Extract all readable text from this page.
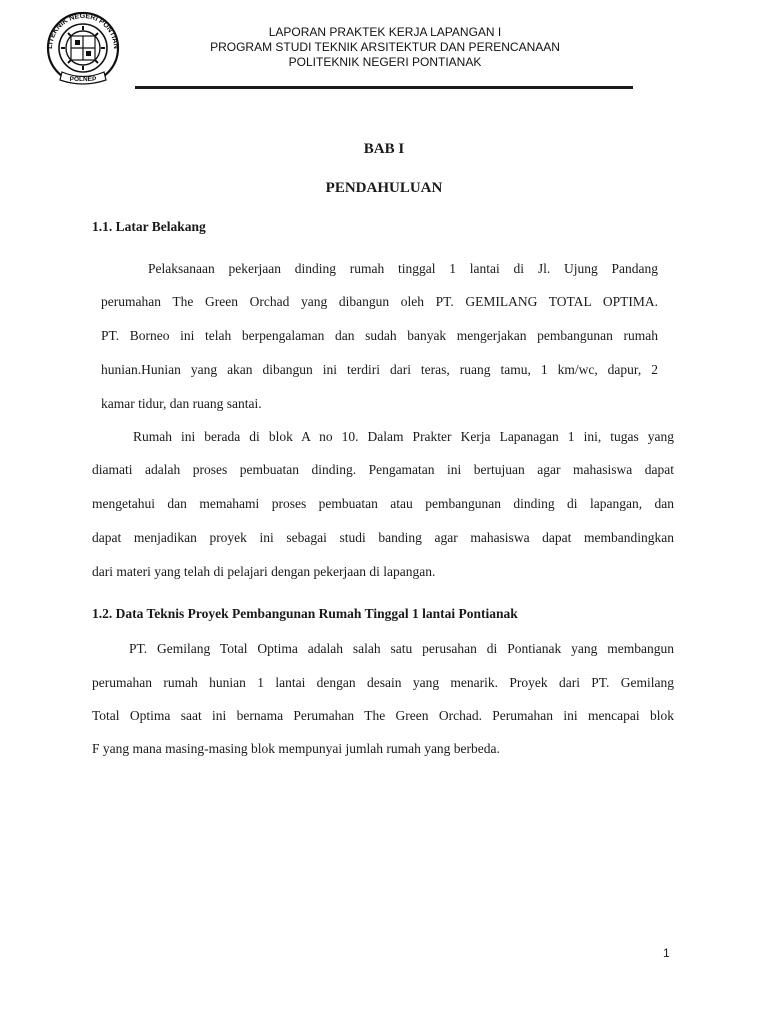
LITEKNIK NEGERI PONTIAN
POLNEP
LAPORAN PRAKTEK KERJA LAPANGAN I
PROGRAM STUDI TEKNIK ARSITEKTUR DAN PERENCANAAN
POLITEKNIK NEGERI PONTIANAK
BAB I
PENDAHULUAN
1.1. Latar Belakang
Pelaksanaan pekerjaan dinding rumah tinggal 1 lantai di Jl. Ujung Pandang
perumahan The Green Orchad yang dibangun oleh PT. GEMILANG TOTAL OPTIMA.
PT. Borneo ini telah berpengalaman dan sudah banyak mengerjakan pembangunan rumah
hunian.Hunian yang akan dibangun ini terdiri dari teras, ruang tamu, 1 km/wc, dapur, 2
kamar tidur, dan ruang santai.
Rumah ini berada di blok A no 10. Dalam Prakter Kerja Lapanagan 1 ini, tugas yang
diamati adalah proses pembuatan dinding. Pengamatan ini bertujuan agar mahasiswa dapat
mengetahui dan memahami proses pembuatan atau pembangunan dinding di lapangan, dan
dapat menjadikan proyek ini sebagai studi banding agar mahasiswa dapat membandingkan
dari materi yang telah di pelajari dengan pekerjaan di lapangan.
1.2. Data Teknis Proyek Pembangunan Rumah Tinggal 1 lantai Pontianak
PT. Gemilang Total Optima adalah salah satu perusahan di Pontianak yang membangun
perumahan rumah hunian 1 lantai dengan desain yang menarik. Proyek dari PT. Gemilang
Total Optima saat ini bernama Perumahan The Green Orchad. Perumahan ini mencapai blok
F yang mana masing-masing blok mempunyai jumlah rumah yang berbeda.
1
